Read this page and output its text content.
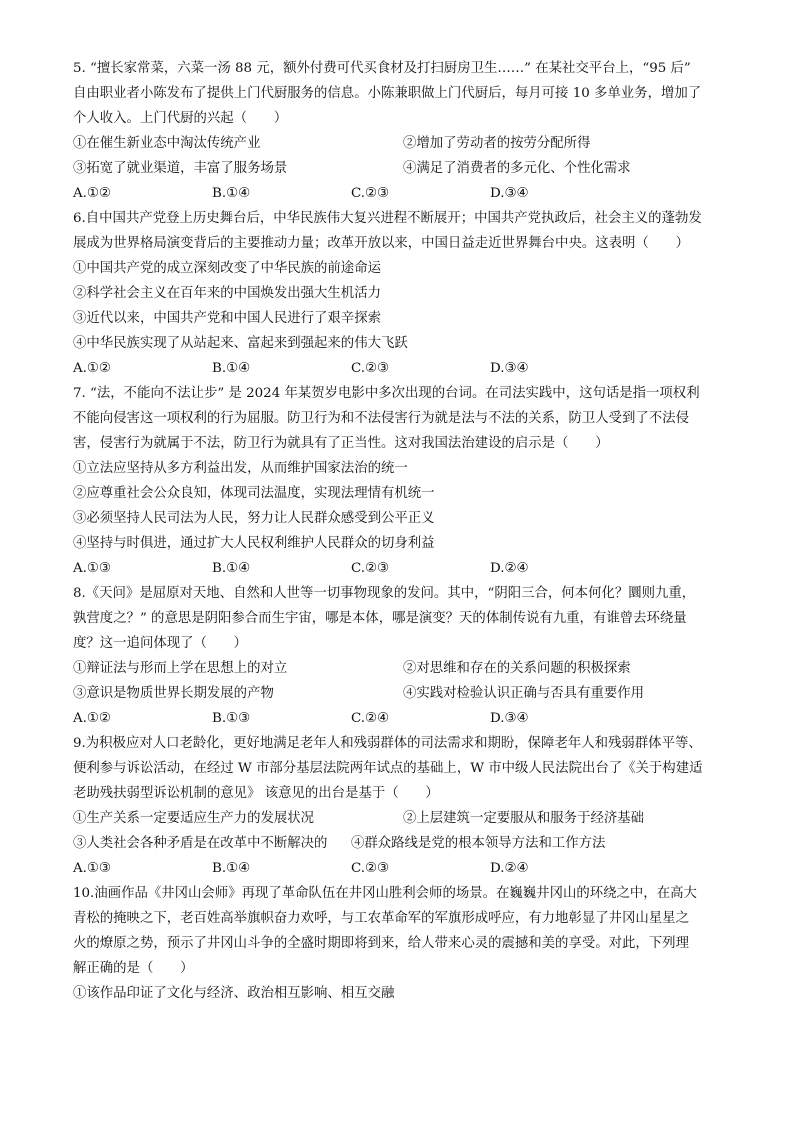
5. “擅长家常菜，六菜一汤 88 元，额外付费可代买食材及打扫厨房卫生……” 在某社交平台上，“95 后”
自由职业者小陈发布了提供上门代厨服务的信息。小陈兼职做上门代厨后，每月可接 10 多单业务，增加了
个人收入。上门代厨的兴起（　　）
①在催生新业态中淘汰传统产业	②增加了劳动者的按劳分配所得
③拓宽了就业渠道，丰富了服务场景	④满足了消费者的多元化、个性化需求
A.①②	B.①④	C.②③	D.③④
6.自中国共产党登上历史舞台后，中华民族伟大复兴进程不断展开；中国共产党执政后，社会主义的蓬勃发
展成为世界格局演变背后的主要推动力量；改革开放以来，中国日益走近世界舞台中央。这表明（　　）
①中国共产党的成立深刻改变了中华民族的前途命运
②科学社会主义在百年来的中国焕发出强大生机活力
③近代以来，中国共产党和中国人民进行了艰辛探索
④中华民族实现了从站起来、富起来到强起来的伟大飞跃
A.①②	B.①④	C.②③	D.③④
7. “法，不能向不法让步” 是 2024 年某贺岁电影中多次出现的台词。在司法实践中，这句话是指一项权利
不能向侵害这一项权利的行为屈服。防卫行为和不法侵害行为就是法与不法的关系，防卫人受到了不法侵
害，侵害行为就属于不法，防卫行为就具有了正当性。这对我国法治建设的启示是（　　）
①立法应坚持从多方利益出发，从而维护国家法治的统一
②应尊重社会公众良知，体现司法温度，实现法理情有机统一
③必须坚持人民司法为人民，努力让人民群众感受到公平正义
④坚持与时俱进，通过扩大人民权利维护人民群众的切身利益
A.①③	B.①④	C.②③	D.②④
8.《天问》是屈原对天地、自然和人世等一切事物现象的发问。其中，“阴阳三合，何本何化？圜则九重，
孰营度之？” 的意思是阴阳参合而生宇宙，哪是本体，哪是演变？天的体制传说有九重，有谁曾去环绕量
度？这一追问体现了（　　）
①辩证法与形而上学在思想上的对立	②对思维和存在的关系问题的积极探索
③意识是物质世界长期发展的产物	④实践对检验认识正确与否具有重要作用
A.①②	B.①③	C.②④	D.③④
9.为积极应对人口老龄化，更好地满足老年人和残弱群体的司法需求和期盼，保障老年人和残弱群体平等、
便利参与诉讼活动，在经过 W 市部分基层法院两年试点的基础上，W 市中级人民法院出台了《关于构建适
老助残扶弱型诉讼机制的意见》 该意见的出台是基于（　　）
①生产关系一定要适应生产力的发展状况	②上层建筑一定要服从和服务于经济基础
③人类社会各种矛盾是在改革中不断解决的	④群众路线是党的根本领导方法和工作方法
A.①③	B.①④	C.②③	D.②④
10.油画作品《井冈山会师》再现了革命队伍在井冈山胜利会师的场景。在巍巍井冈山的环绕之中，在高大
青松的掩映之下，老百姓高举旗帜奋力欢呼，与工农革命军的军旗形成呼应，有力地彰显了井冈山星星之
火的燎原之势，预示了井冈山斗争的全盛时期即将到来，给人带来心灵的震撼和美的享受。对此，下列理
解正确的是（　　）
①该作品印证了文化与经济、政治相互影响、相互交融
